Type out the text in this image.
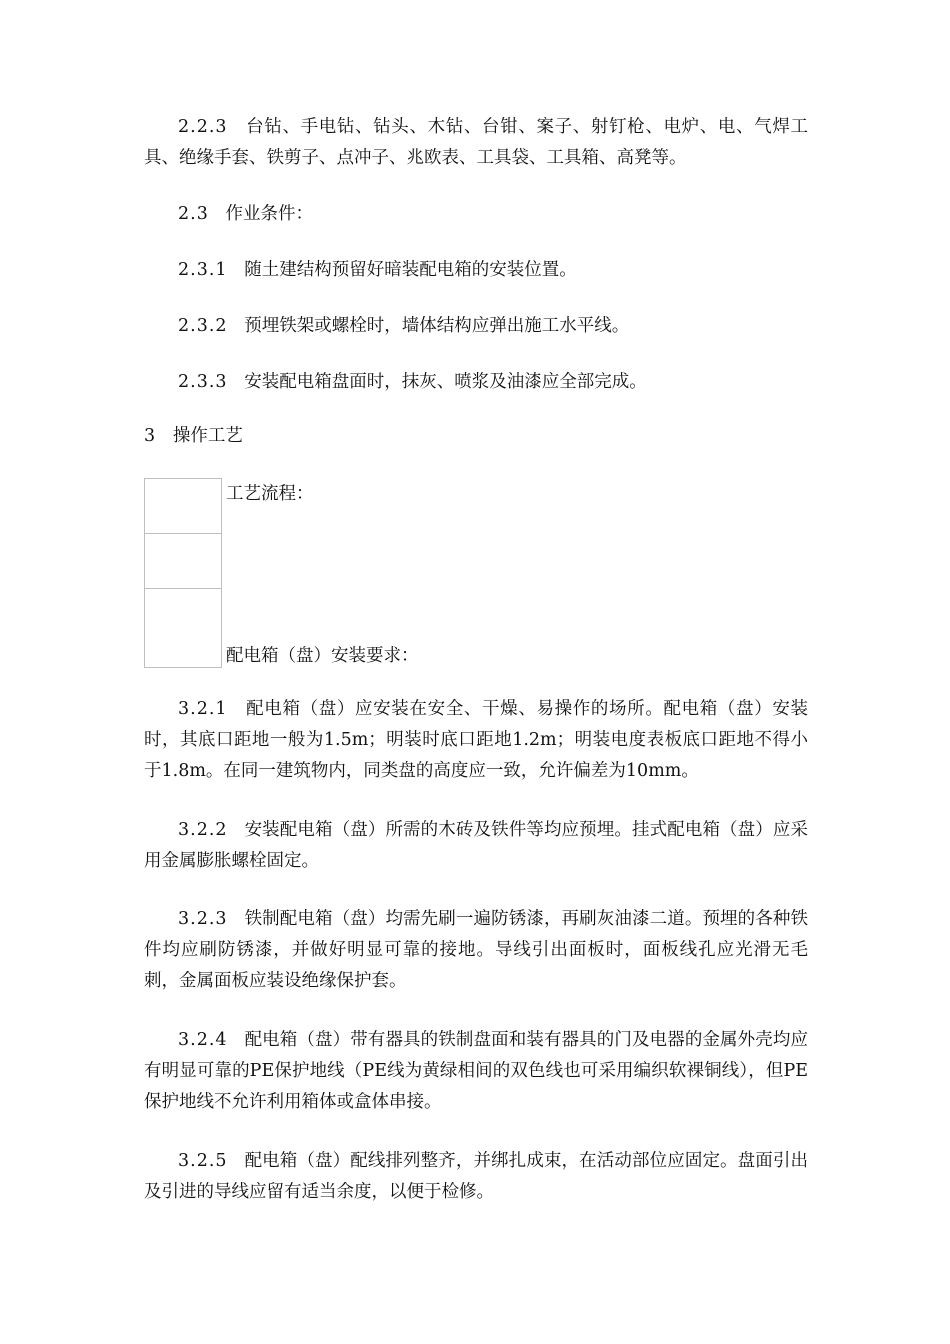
2.2.3 台钻、手电钻、钻头、木钻、台钳、案子、射钉枪、电炉、电、气焊工具、绝缘手套、铁剪子、点冲子、兆欧表、工具袋、工具箱、高凳等。

2.3 作业条件：

2.3.1 随土建结构预留好暗装配电箱的安装位置。

2.3.2 预埋铁架或螺栓时，墙体结构应弹出施工水平线。

2.3.3 安装配电箱盘面时，抹灰、喷浆及油漆应全部完成。

3 操作工艺

工艺流程：

配电箱（盘）安装要求：

3.2.1 配电箱（盘）应安装在安全、干燥、易操作的场所。配电箱（盘）安装时，其底口距地一般为1.5m；明装时底口距地1.2m；明装电度表板底口距地不得小于1.8m。在同一建筑物内，同类盘的高度应一致，允许偏差为10mm。

3.2.2 安装配电箱（盘）所需的木砖及铁件等均应预埋。挂式配电箱（盘）应采用金属膨胀螺栓固定。

3.2.3 铁制配电箱（盘）均需先刷一遍防锈漆，再刷灰油漆二道。预埋的各种铁件均应刷防锈漆，并做好明显可靠的接地。导线引出面板时，面板线孔应光滑无毛刺，金属面板应装设绝缘保护套。

3.2.4 配电箱（盘）带有器具的铁制盘面和装有器具的门及电器的金属外壳均应有明显可靠的PE保护地线（PE线为黄绿相间的双色线也可采用编织软裸铜线），但PE保护地线不允许利用箱体或盒体串接。

3.2.5 配电箱（盘）配线排列整齐，并绑扎成束，在活动部位应固定。盘面引出及引进的导线应留有适当余度，以便于检修。
